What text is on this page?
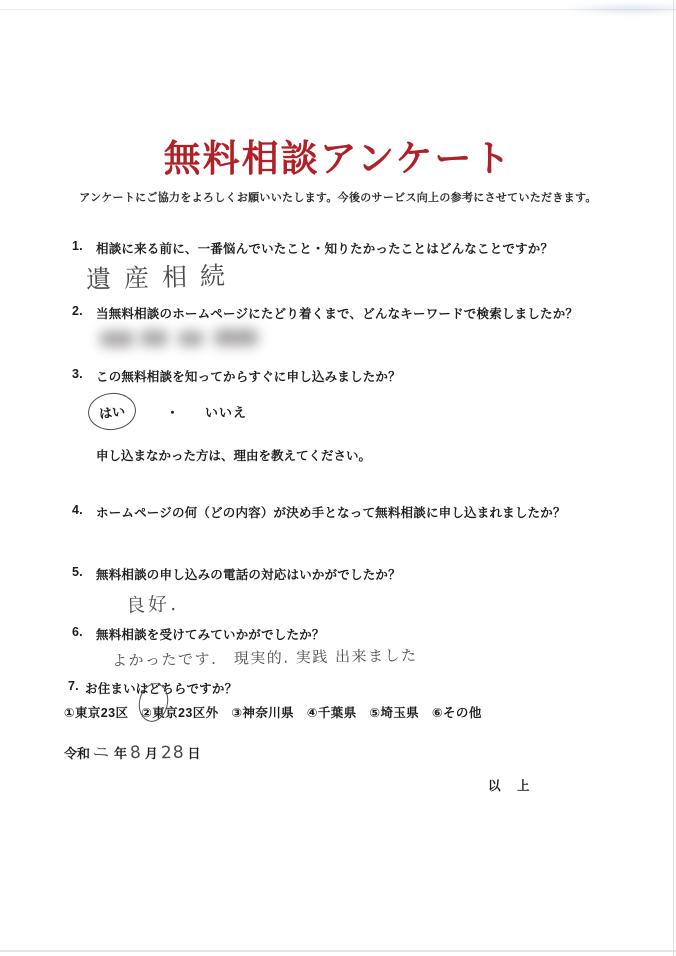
無料相談アンケート
アンケートにご協力をよろしくお願いいたします。今後のサービス向上の参考にさせていただきます。
1.	相談に来る前に、一番悩んでいたこと・知りたかったことはどんなことですか？
遺産相続
2.	当無料相談のホームページにたどり着くまで、どんなキーワードで検索しましたか？
3.	この無料相談を知ってからすぐに申し込みましたか？
はい	・ いいえ
申し込まなかった方は、理由を教えてください。
4.	ホームページの何（どの内容）が決め手となって無料相談に申し込まれましたか？
5.	無料相談の申し込みの電話の対応はいかがでしたか？
良好.
6.	無料相談を受けてみていかがでしたか？
よかったです.　現実的. 実践 出来ました
7. お住まいはどちらですか？
①東京23区 ②東京23区外 ③神奈川県 ④千葉県 ⑤埼玉県 ⑥その他
令和ニ 年 8 月 28 日
以　上
